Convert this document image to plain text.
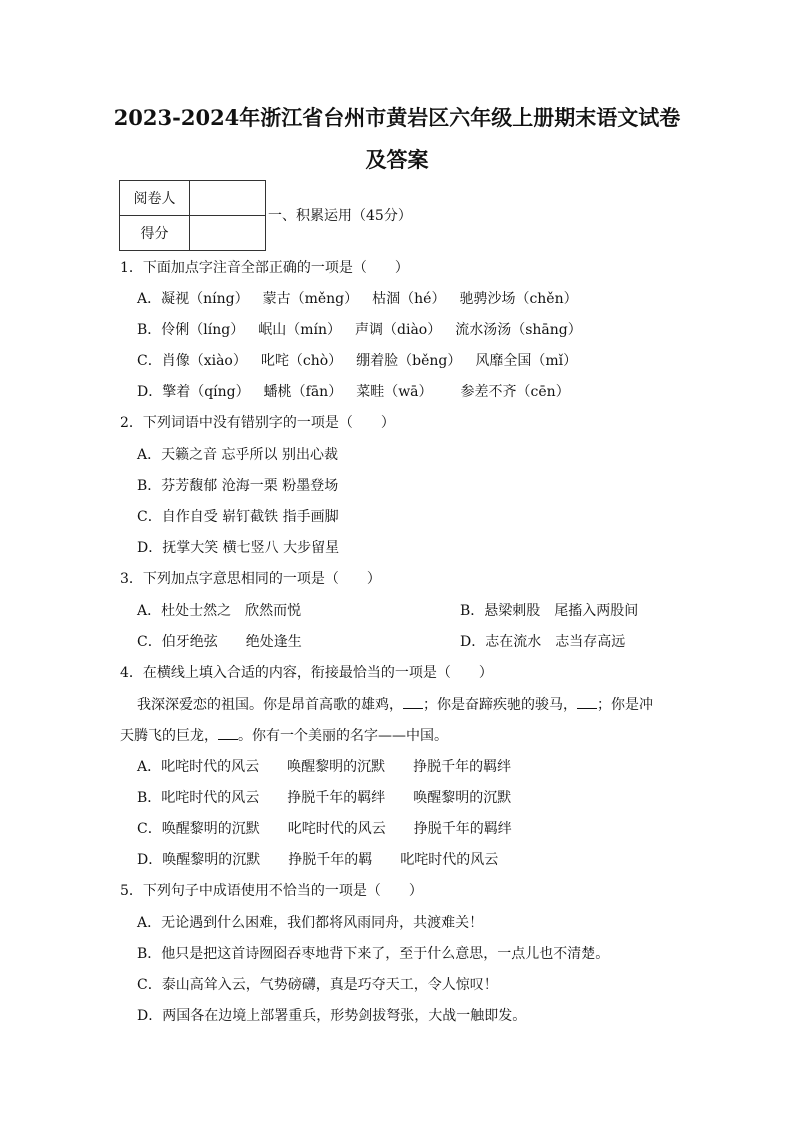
2023-2024年浙江省台州市黄岩区六年级上册期末语文试卷
及答案
阅卷人	
得分	
一、积累运用（45分）
1．下面加点字注音全部正确的一项是（　　）
A．凝视（níng） 蒙古（měng） 枯涸（hé） 驰骋沙场（chěn）
B．伶俐（líng） 岷山（mín） 声调（diào） 流水汤汤（shāng）
C．肖像（xiào） 叱咤（chò） 绷着脸（běng） 风靡全国（mǐ）
D．擎着（qíng） 蟠桃（fān） 菜畦（wā） 参差不齐（cēn）
2．下列词语中没有错别字的一项是（　　）
A．天籁之音 忘乎所以 别出心裁
B．芬芳馥郁 沧海一栗 粉墨登场
C．自作自受 崭钉截铁 指手画脚
D．抚掌大笑 横七竖八 大步留星
3．下列加点字意思相同的一项是（　　）
A．杜处士然之 欣然而悦	B．悬梁刺股 尾搐入两股间
C．伯牙绝弦 绝处逢生	D．志在流水 志当存高远
4．在横线上填入合适的内容，衔接最恰当的一项是（　　）
我深深爱恋的祖国。你是昂首高歌的雄鸡， ；你是奋蹄疾驰的骏马， ；你是冲
天腾飞的巨龙， 。你有一个美丽的名字——中国。
A．叱咤时代的风云 唤醒黎明的沉默 挣脱千年的羁绊
B．叱咤时代的风云 挣脱千年的羁绊 唤醒黎明的沉默
C．唤醒黎明的沉默 叱咤时代的风云 挣脱千年的羁绊
D．唤醒黎明的沉默 挣脱千年的羁 叱咤时代的风云
5．下列句子中成语使用不恰当的一项是（　　）
A．无论遇到什么困难，我们都将风雨同舟，共渡难关！
B．他只是把这首诗囫囵吞枣地背下来了，至于什么意思，一点儿也不清楚。
C．泰山高耸入云，气势磅礴，真是巧夺天工，令人惊叹！
D．两国各在边境上部署重兵，形势剑拔弩张，大战一触即发。
